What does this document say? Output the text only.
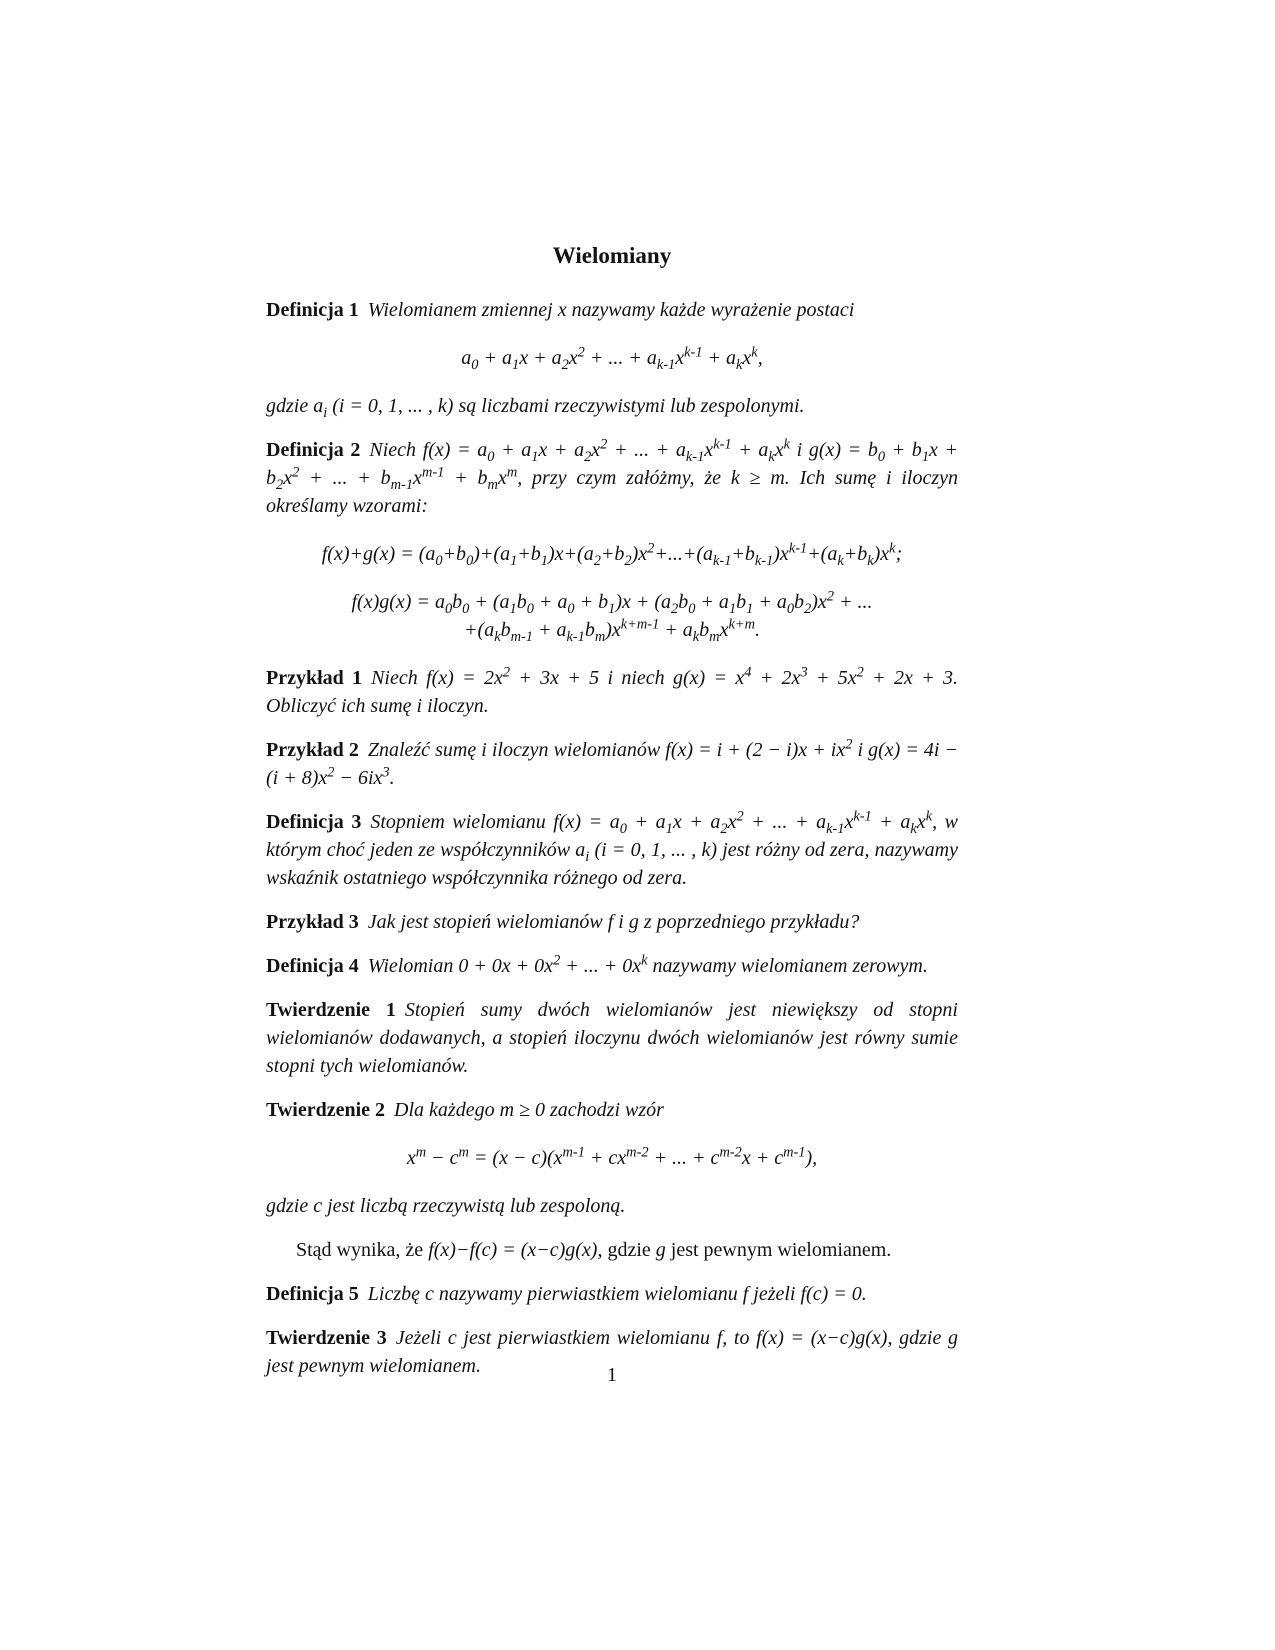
Wielomiany
Definicja 1 Wielomianem zmiennej x nazywamy każde wyrażenie postaci
$a_0 + a_1x + a_2x^2$ + ... + $a_{k-1}x^{k-1} + a_kx^k$,
gdzie $a_i$ (i = 0, 1, ... , k) są liczbami rzeczywistymi lub zespolonymi.
Definicja 2 Niech $f(x) = a_0 + a_1x + a_2x^2$ + ... + $a_{k-1}x^{k-1} + a_kx^k$ i $g(x) = b_0 + b_1x + b_2x^2$ + ... + $b_{m-1}x^{m-1} + b_mx^m$, przy czym załóżmy, że k ≥ m. Ich sumę i iloczyn określamy wzorami:
$f(x)+g(x) = (a_0+b_0)+(a_1+b_1)x+(a_2+b_2)x^2+...+(a_{k-1}+b_{k-1})x^{k-1}+(a_k+b_k)x^k$;
$f(x)g(x) = a_0b_0 + (a_1b_0 + a_0 + b_1)x + (a_2b_0 + a_1b_1 + a_0b_2)x^2$ + ...
$+(a_kb_{m-1} + a_{k-1}b_m)x^{k+m-1} + a_kb_mx^{k+m}$.
Przykład 1 Niech $f(x) = 2x^2 + 3x + 5$ i niech $g(x) = x^4 + 2x^3 + 5x^2 + 2x + 3$. Obliczyć ich sumę i iloczyn.
Przykład 2 Znaleźć sumę i iloczyn wielomianów $f(x) = i + (2 - i)x + ix^2$ i $g(x) = 4i - (i + 8)x^2 - 6ix^3$.
Definicja 3 Stopniem wielomianu $f(x) = a_0 + a_1x + a_2x^2$ + ... + $a_{k-1}x^{k-1} + a_kx^k$, w którym choć jeden ze współczynników $a_i$ (i = 0, 1, ... , k) jest różny od zera, nazywamy wskaźnik ostatniego współczynnika różnego od zera.
Przykład 3 Jak jest stopień wielomianów f i g z poprzedniego przykładu?
Definicja 4 Wielomian $0 + 0x + 0x^2$ + ... + $0x^k$ nazywamy wielomianem zerowym.
Twierdzenie 1 Stopień sumy dwóch wielomianów jest niewiększy od stopni wielomianów dodawanych, a stopień iloczynu dwóch wielomianów jest równy sumie stopni tych wielomianów.
Twierdzenie 2 Dla każdego m ≥ 0 zachodzi wzór
$x^m - c^m = (x - c)(x^{m-1} + cx^{m-2}$ + ... + $c^{m-2}x + c^{m-1}$),
gdzie c jest liczbą rzeczywistą lub zespoloną.
Stąd wynika, że f(x)−f(c) = (x−c)g(x), gdzie g jest pewnym wielomianem.
Definicja 5 Liczbę c nazywamy pierwiastkiem wielomianu f jeżeli f(c) = 0.
Twierdzenie 3 Jeżeli c jest pierwiastkiem wielomianu f, to f(x) = (x−c)g(x), gdzie g jest pewnym wielomianem.	1
